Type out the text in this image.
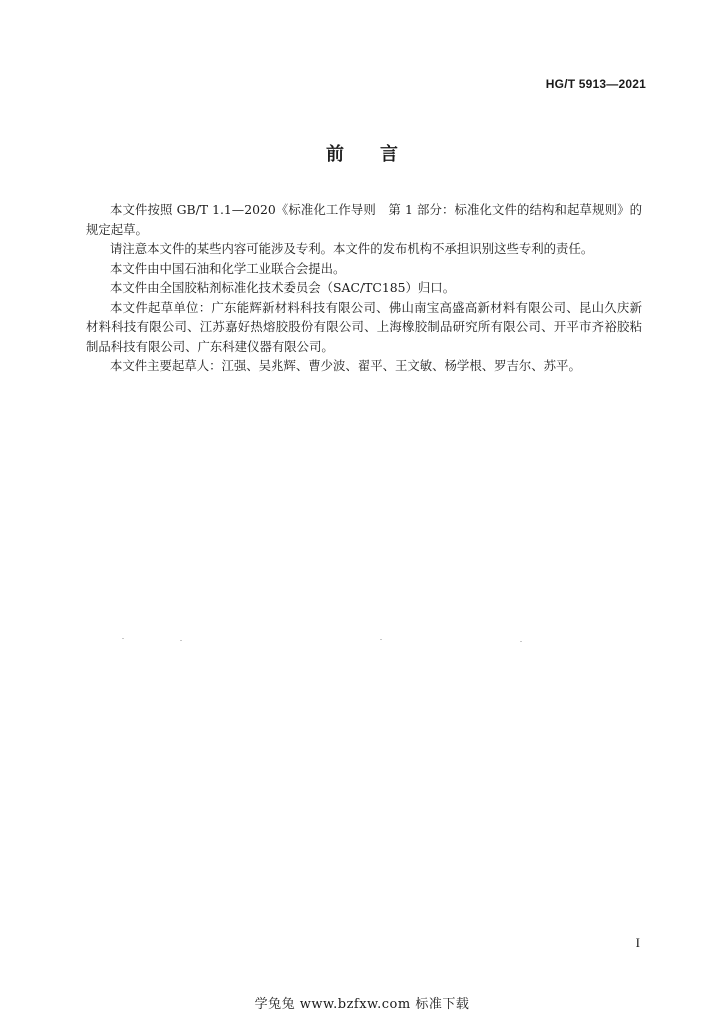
HG/T 5913—2021
前言

本文件按照 GB/T 1.1—2020《标准化工作导则　第 1 部分：标准化文件的结构和起草规则》的规定起草。

请注意本文件的某些内容可能涉及专利。本文件的发布机构不承担识别这些专利的责任。

本文件由中国石油和化学工业联合会提出。

本文件由全国胶粘剂标准化技术委员会（SAC/TC185）归口。

本文件起草单位：广东能辉新材料科技有限公司、佛山南宝高盛高新材料有限公司、昆山久庆新材料科技有限公司、江苏嘉好热熔胶股份有限公司、上海橡胶制品研究所有限公司、开平市齐裕胶粘制品科技有限公司、广东科建仪器有限公司。

本文件主要起草人：江强、吴兆辉、曹少波、翟平、王文敏、杨学根、罗吉尔、苏平。

I
学兔兔 www.bzfxw.com 标准下载
